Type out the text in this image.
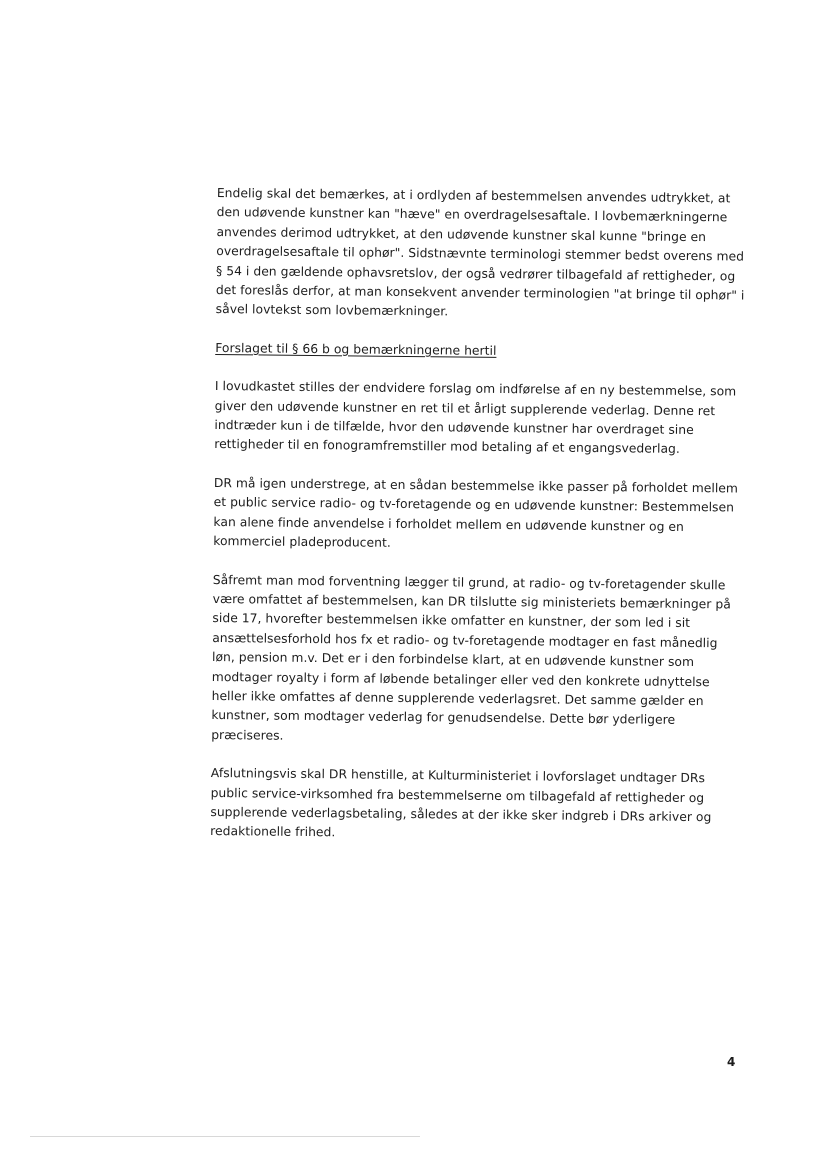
Endelig skal det bemærkes, at i ordlyden af bestemmelsen anvendes udtrykket, at den udøvende kunstner kan "hæve" en overdragelsesaftale. I lovbemærkningerne anvendes derimod udtrykket, at den udøvende kunstner skal kunne "bringe en overdragelsesaftale til ophør". Sidstnævnte terminologi stemmer bedst overens med § 54 i den gældende ophavsretslov, der også vedrører tilbagefald af rettigheder, og det foreslås derfor, at man konsekvent anvender terminologien "at bringe til ophør" i såvel lovtekst som lovbemærkninger.

Forslaget til § 66 b og bemærkningerne hertil

I lovudkastet stilles der endvidere forslag om indførelse af en ny bestemmelse, som giver den udøvende kunstner en ret til et årligt supplerende vederlag. Denne ret indtræder kun i de tilfælde, hvor den udøvende kunstner har overdraget sine rettigheder til en fonogramfremstiller mod betaling af et engangsvederlag.

DR må igen understrege, at en sådan bestemmelse ikke passer på forholdet mellem et public service radio- og tv-foretagende og en udøvende kunstner: Bestemmelsen kan alene finde anvendelse i forholdet mellem en udøvende kunstner og en kommerciel pladeproducent.

Såfremt man mod forventning lægger til grund, at radio- og tv-foretagender skulle være omfattet af bestemmelsen, kan DR tilslutte sig ministeriets bemærkninger på side 17, hvorefter bestemmelsen ikke omfatter en kunstner, der som led i sit ansættelsesforhold hos fx et radio- og tv-foretagende modtager en fast månedlig løn, pension m.v. Det er i den forbindelse klart, at en udøvende kunstner som modtager royalty i form af løbende betalinger eller ved den konkrete udnyttelse heller ikke omfattes af denne supplerende vederlagsret. Det samme gælder en kunstner, som modtager vederlag for genudsendelse. Dette bør yderligere præciseres.

Afslutningsvis skal DR henstille, at Kulturministeriet i lovforslaget undtager DRs public service-virksomhed fra bestemmelserne om tilbagefald af rettigheder og supplerende vederlagsbetaling, således at der ikke sker indgreb i DRs arkiver og redaktionelle frihed.

4
